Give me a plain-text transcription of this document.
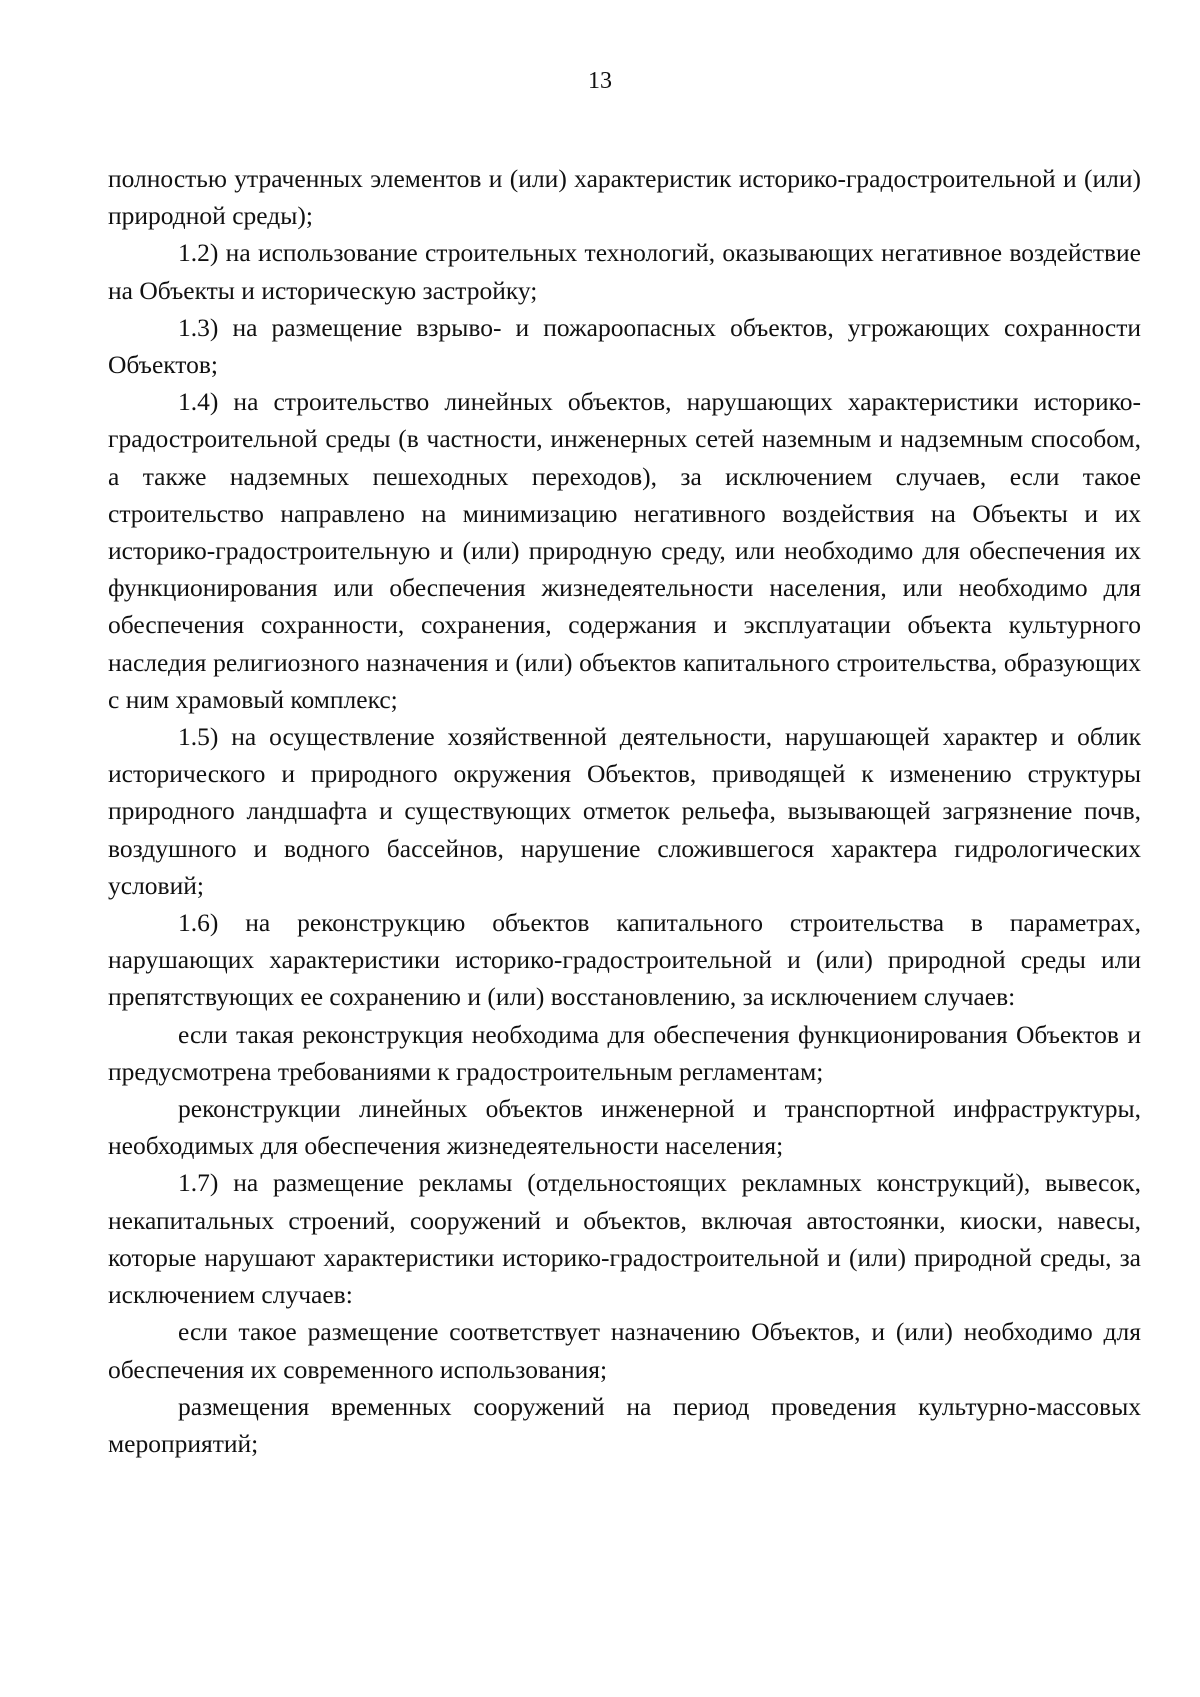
13

полностью утраченных элементов и (или) характеристик историко-градостроительной и (или) природной среды);

1.2) на использование строительных технологий, оказывающих негативное воздействие на Объекты и историческую застройку;

1.3) на размещение взрыво- и пожароопасных объектов, угрожающих сохранности Объектов;

1.4) на строительство линейных объектов, нарушающих характеристики историко-градостроительной среды (в частности, инженерных сетей наземным и надземным способом, а также надземных пешеходных переходов), за исключением случаев, если такое строительство направлено на минимизацию негативного воздействия на Объекты и их историко-градостроительную и (или) природную среду, или необходимо для обеспечения их функционирования или обеспечения жизнедеятельности населения, или необходимо для обеспечения сохранности, сохранения, содержания и эксплуатации объекта культурного наследия религиозного назначения и (или) объектов капитального строительства, образующих с ним храмовый комплекс;

1.5) на осуществление хозяйственной деятельности, нарушающей характер и облик исторического и природного окружения Объектов, приводящей к изменению структуры природного ландшафта и существующих отметок рельефа, вызывающей загрязнение почв, воздушного и водного бассейнов, нарушение сложившегося характера гидрологических условий;

1.6) на реконструкцию объектов капитального строительства в параметрах, нарушающих характеристики историко-градостроительной и (или) природной среды или препятствующих ее сохранению и (или) восстановлению, за исключением случаев:

если такая реконструкция необходима для обеспечения функционирования Объектов и предусмотрена требованиями к градостроительным регламентам;

реконструкции линейных объектов инженерной и транспортной инфраструктуры, необходимых для обеспечения жизнедеятельности населения;

1.7) на размещение рекламы (отдельностоящих рекламных конструкций), вывесок, некапитальных строений, сооружений и объектов, включая автостоянки, киоски, навесы, которые нарушают характеристики историко-градостроительной и (или) природной среды, за исключением случаев:

если такое размещение соответствует назначению Объектов, и (или) необходимо для обеспечения их современного использования;

размещения временных сооружений на период проведения культурно-массовых мероприятий;
